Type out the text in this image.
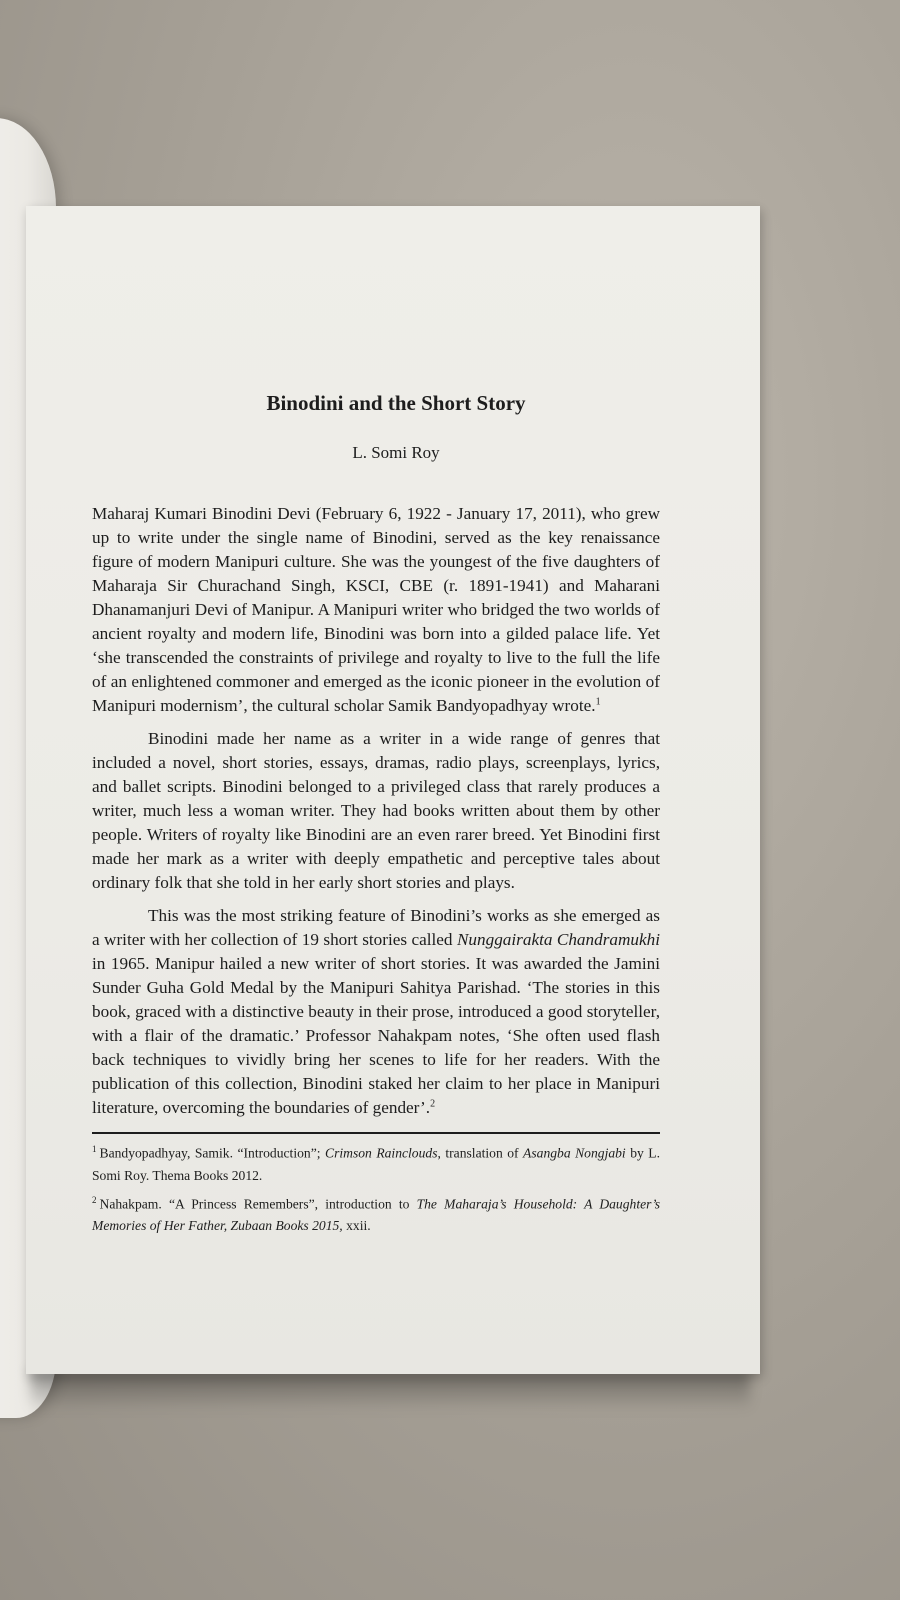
Binodini and the Short Story
L. Somi Roy

Maharaj Kumari Binodini Devi (February 6, 1922 - January 17, 2011), who grew up to write under the single name of Binodini, served as the key renaissance figure of modern Manipuri culture. She was the youngest of the five daughters of Maharaja Sir Churachand Singh, KSCI, CBE (r. 1891-1941) and Maharani Dhanamanjuri Devi of Manipur. A Manipuri writer who bridged the two worlds of ancient royalty and modern life, Binodini was born into a gilded palace life. Yet ‘she transcended the constraints of privilege and royalty to live to the full the life of an enlightened commoner and emerged as the iconic pioneer in the evolution of Manipuri modernism’, the cultural scholar Samik Bandyopadhyay wrote.$^1$

Binodini made her name as a writer in a wide range of genres that included a novel, short stories, essays, dramas, radio plays, screenplays, lyrics, and ballet scripts. Binodini belonged to a privileged class that rarely produces a writer, much less a woman writer. They had books written about them by other people. Writers of royalty like Binodini are an even rarer breed. Yet Binodini first made her mark as a writer with deeply empathetic and perceptive tales about ordinary folk that she told in her early short stories and plays.

This was the most striking feature of Binodini’s works as she emerged as a writer with her collection of 19 short stories called Nunggairakta Chandramukhi in 1965. Manipur hailed a new writer of short stories. It was awarded the Jamini Sunder Guha Gold Medal by the Manipuri Sahitya Parishad. ‘The stories in this book, graced with a distinctive beauty in their prose, introduced a good storyteller, with a flair of the dramatic.’ Professor Nahakpam notes, ‘She often used flash back techniques to vividly bring her scenes to life for her readers. With the publication of this collection, Binodini staked her claim to her place in Manipuri literature, overcoming the boundaries of gender’.$^2$

$^1$ Bandyopadhyay, Samik. “Introduction”; Crimson Rainclouds, translation of Asangba Nongjabi by L. Somi Roy. Thema Books 2012.

$^2$ Nahakpam. “A Princess Remembers”, introduction to The Maharaja’s Household: A Daughter’s Memories of Her Father, Zubaan Books 2015, xxii.
